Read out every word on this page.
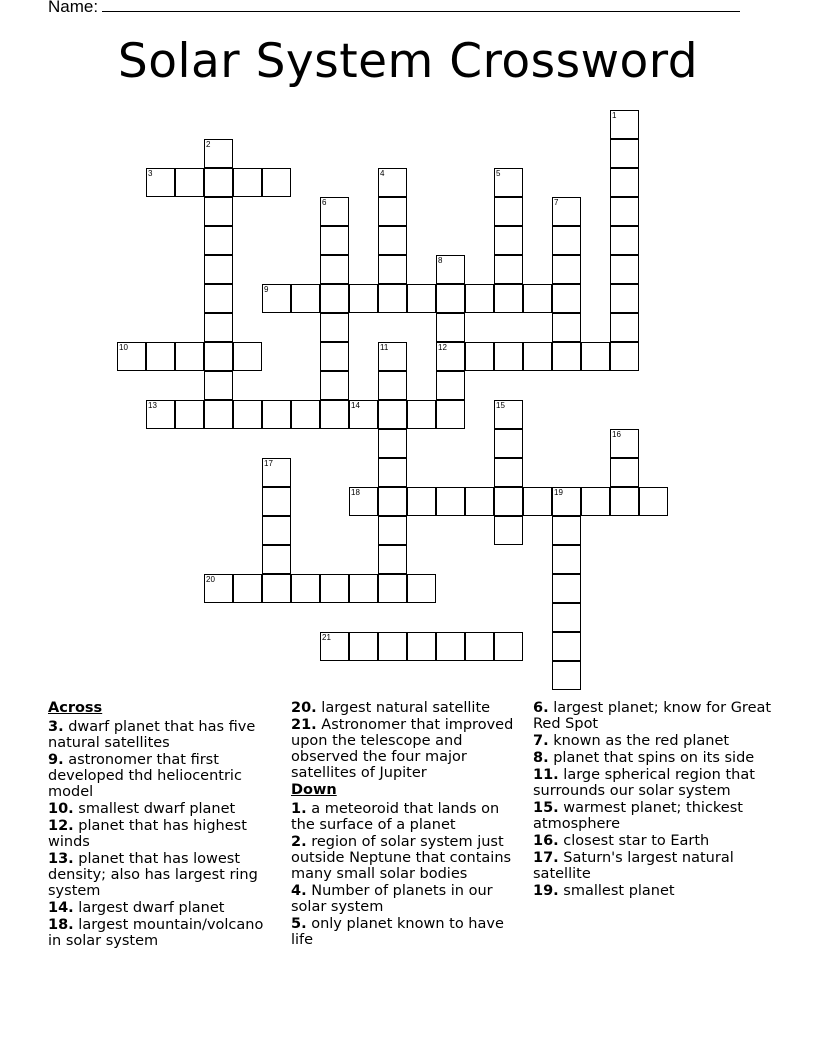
Name:
Solar System Crossword
1
2
3	4	5
6	7
8
12
9
10	11
13	14	15
16
17
18	19
20
21
Across
3. dwarf planet that has five natural satellites
9. astronomer that first developed thd heliocentric model
10. smallest dwarf planet
12. planet that has highest winds
13. planet that has lowest density; also has largest ring system
14. largest dwarf planet
18. largest mountain/volcano in solar system
20. largest natural satellite
21. Astronomer that improved upon the telescope and observed the four major satellites of Jupiter
Down
1. a meteoroid that lands on the surface of a planet
2. region of solar system just outside Neptune that contains many small solar bodies
4. Number of planets in our solar system
5. only planet known to have life
6. largest planet; know for Great Red Spot
7. known as the red planet
8. planet that spins on its side
11. large spherical region that surrounds our solar system
15. warmest planet; thickest atmosphere
16. closest star to Earth
17. Saturn's largest natural satellite
19. smallest planet
